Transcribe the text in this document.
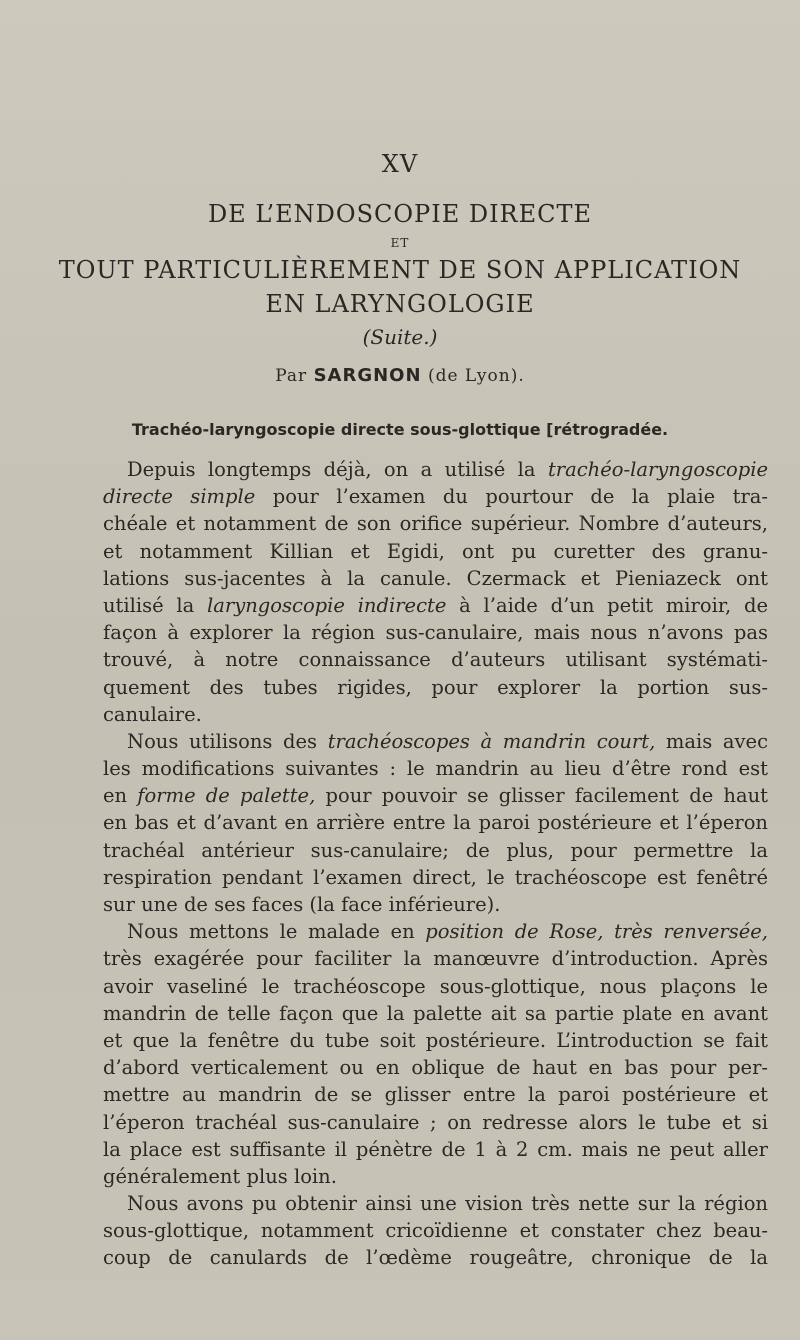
XV
DE L’ENDOSCOPIE DIRECTE
ET
TOUT PARTICULIÈREMENT DE SON APPLICATION
EN LARYNGOLOGIE
(Suite.)
Par SARGNON (de Lyon).
Trachéo-laryngoscopie directe sous-glottique [rétrogradée.
Depuis longtemps déjà, on a utilisé la trachéo-laryngoscopie
directe simple pour l’examen du pourtour de la plaie tra-
chéale et notamment de son orifice supérieur. Nombre d’auteurs,
et notamment Killian et Egidi, ont pu curetter des granu-
lations sus-jacentes à la canule. Czermack et Pieniazeck ont
utilisé la laryngoscopie indirecte à l’aide d’un petit miroir, de
façon à explorer la région sus-canulaire, mais nous n’avons pas
trouvé, à notre connaissance d’auteurs utilisant systémati-
quement des tubes rigides, pour explorer la portion sus-
canulaire.
Nous utilisons des trachéoscopes à mandrin court, mais avec
les modifications suivantes : le mandrin au lieu d’être rond est
en forme de palette, pour pouvoir se glisser facilement de haut
en bas et d’avant en arrière entre la paroi postérieure et l’éperon
trachéal antérieur sus-canulaire; de plus, pour permettre la
respiration pendant l’examen direct, le trachéoscope est fenêtré
sur une de ses faces (la face inférieure).
Nous mettons le malade en position de Rose, très renversée,
très exagérée pour faciliter la manœuvre d’introduction. Après
avoir vaseliné le trachéoscope sous-glottique, nous plaçons le
mandrin de telle façon que la palette ait sa partie plate en avant
et que la fenêtre du tube soit postérieure. L’introduction se fait
d’abord verticalement ou en oblique de haut en bas pour per-
mettre au mandrin de se glisser entre la paroi postérieure et
l’éperon trachéal sus-canulaire ; on redresse alors le tube et si
la place est suffisante il pénètre de 1 à 2 cm. mais ne peut aller
généralement plus loin.
Nous avons pu obtenir ainsi une vision très nette sur la région
sous-glottique, notamment cricoïdienne et constater chez beau-
coup de canulards de l’œdème rougeâtre, chronique de la
